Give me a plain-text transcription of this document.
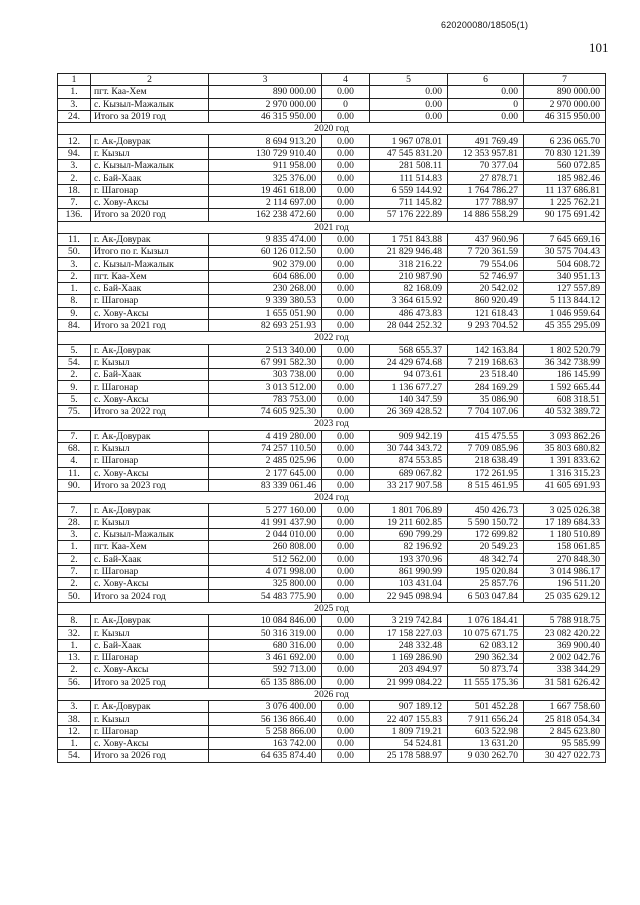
620200080/18505(1)
101
1	2	3	4	5	6	7
1.	пгт. Каа-Хем	890 000.00	0.00	0.00	0.00	890 000.00
3.	с. Кызыл-Мажалык	2 970 000.00	0	0.00	0	2 970 000.00
24.	Итого за 2019 год	46 315 950.00	0.00	0.00	0.00	46 315 950.00
2020 год						
12.	г. Ак-Довурак	8 694 913.20	0.00	1 967 078.01	491 769.49	6 236 065.70
94.	г. Кызыл	130 729 910.40	0.00	47 545 831.20	12 353 957.81	70 830 121.39
3.	с. Кызыл-Мажалык	911 958.00	0.00	281 508.11	70 377.04	560 072.85
2.	с. Бай-Хаак	325 376.00	0.00	111 514.83	27 878.71	185 982.46
18.	г. Шагонар	19 461 618.00	0.00	6 559 144.92	1 764 786.27	11 137 686.81
7.	с. Хову-Аксы	2 114 697.00	0.00	711 145.82	177 788.97	1 225 762.21
136.	Итого за 2020 год	162 238 472.60	0.00	57 176 222.89	14 886 558.29	90 175 691.42
2021 год						
11.	г. Ак-Довурак	9 835 474.00	0.00	1 751 843.88	437 960.96	7 645 669.16
50.	Итого по г. Кызыл	60 126 012.50	0.00	21 829 946.48	7 720 361.59	30 575 704.43
3.	с. Кызыл-Мажалык	902 379.00	0.00	318 216.22	79 554.06	504 608.72
2.	пгт. Каа-Хем	604 686.00	0.00	210 987.90	52 746.97	340 951.13
1.	с. Бай-Хаак	230 268.00	0.00	82 168.09	20 542.02	127 557.89
8.	г. Шагонар	9 339 380.53	0.00	3 364 615.92	860 920.49	5 113 844.12
9.	с. Хову-Аксы	1 655 051.90	0.00	486 473.83	121 618.43	1 046 959.64
84.	Итого за 2021 год	82 693 251.93	0.00	28 044 252.32	9 293 704.52	45 355 295.09
2022 год						
5.	г. Ак-Довурак	2 513 340.00	0.00	568 655.37	142 163.84	1 802 520.79
54.	г. Кызыл	67 991 582.30	0.00	24 429 674.68	7 219 168.63	36 342 738.99
2.	с. Бай-Хаак	303 738.00	0.00	94 073.61	23 518.40	186 145.99
9.	г. Шагонар	3 013 512.00	0.00	1 136 677.27	284 169.29	1 592 665.44
5.	с. Хову-Аксы	783 753.00	0.00	140 347.59	35 086.90	608 318.51
75.	Итого за 2022 год	74 605 925.30	0.00	26 369 428.52	7 704 107.06	40 532 389.72
2023 год						
7.	г. Ак-Довурак	4 419 280.00	0.00	909 942.19	415 475.55	3 093 862.26
68.	г. Кызыл	74 257 110.50	0.00	30 744 343.72	7 709 085.96	35 803 680.82
4.	г. Шагонар	2 485 025.96	0.00	874 553.85	218 638.49	1 391 833.62
11.	с. Хову-Аксы	2 177 645.00	0.00	689 067.82	172 261.95	1 316 315.23
90.	Итого за 2023 год	83 339 061.46	0.00	33 217 907.58	8 515 461.95	41 605 691.93
2024 год						
7.	г. Ак-Довурак	5 277 160.00	0.00	1 801 706.89	450 426.73	3 025 026.38
28.	г. Кызыл	41 991 437.90	0.00	19 211 602.85	5 590 150.72	17 189 684.33
3.	с. Кызыл-Мажалык	2 044 010.00	0.00	690 799.29	172 699.82	1 180 510.89
1.	пгт. Каа-Хем	260 808.00	0.00	82 196.92	20 549.23	158 061.85
2.	с. Бай-Хаак	512 562.00	0.00	193 370.96	48 342.74	270 848.30
7.	г. Шагонар	4 071 998.00	0.00	861 990.99	195 020.84	3 014 986.17
2.	с. Хову-Аксы	325 800.00	0.00	103 431.04	25 857.76	196 511.20
50.	Итого за 2024 год	54 483 775.90	0.00	22 945 098.94	6 503 047.84	25 035 629.12
2025 год						
8.	г. Ак-Довурак	10 084 846.00	0.00	3 219 742.84	1 076 184.41	5 788 918.75
32.	г. Кызыл	50 316 319.00	0.00	17 158 227.03	10 075 671.75	23 082 420.22
1.	с. Бай-Хаак	680 316.00	0.00	248 332.48	62 083.12	369 900.40
13.	г. Шагонар	3 461 692.00	0.00	1 169 286.90	290 362.34	2 002 042.76
2.	с. Хову-Аксы	592 713.00	0.00	203 494.97	50 873.74	338 344.29
56.	Итого за 2025 год	65 135 886.00	0.00	21 999 084.22	11 555 175.36	31 581 626.42
2026 год						
3.	г. Ак-Довурак	3 076 400.00	0.00	907 189.12	501 452.28	1 667 758.60
38.	г. Кызыл	56 136 866.40	0.00	22 407 155.83	7 911 656.24	25 818 054.34
12.	г. Шагонар	5 258 866.00	0.00	1 809 719.21	603 522.98	2 845 623.80
1.	с. Хову-Аксы	163 742.00	0.00	54 524.81	13 631.20	95 585.99
54.	Итого за 2026 год	64 635 874.40	0.00	25 178 588.97	9 030 262.70	30 427 022.73
